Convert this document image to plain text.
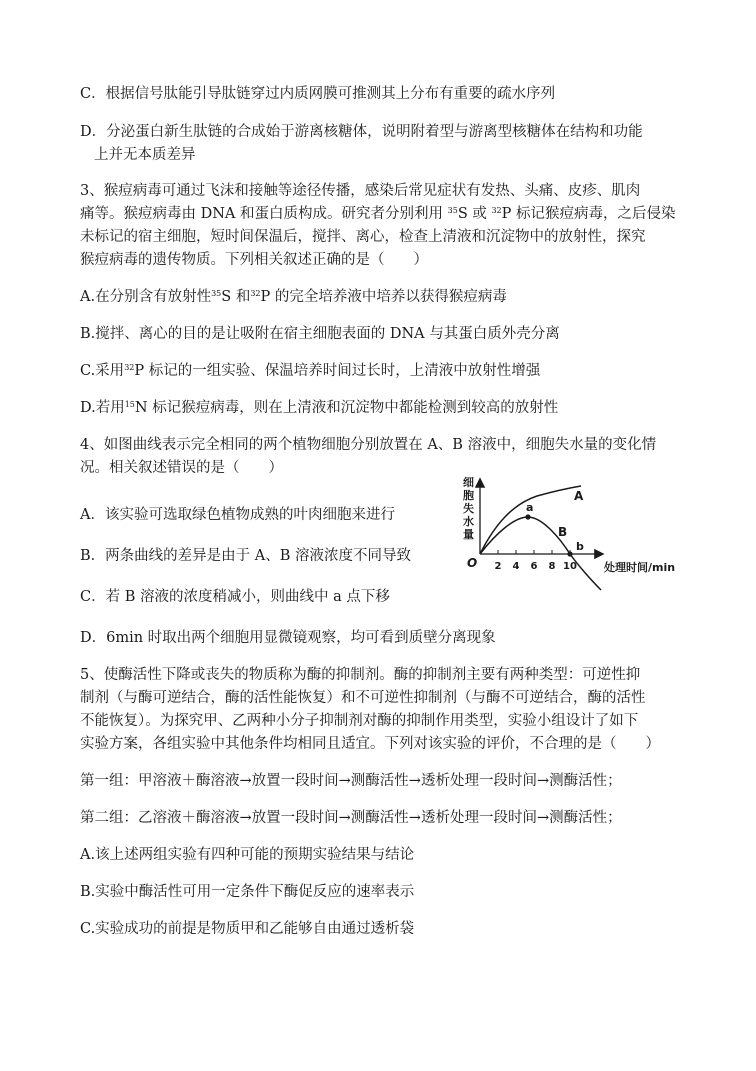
C．根据信号肽能引导肽链穿过内质网膜可推测其上分布有重要的疏水序列
D．分泌蛋白新生肽链的合成始于游离核糖体，说明附着型与游离型核糖体在结构和功能
上并无本质差异
3、猴痘病毒可通过飞沫和接触等途径传播，感染后常见症状有发热、头痛、皮疹、肌肉
痛等。猴痘病毒由 DNA 和蛋白质构成。研究者分别利用 $^{35}$S 或 $^{32}$P 标记猴痘病毒，之后侵染
未标记的宿主细胞，短时间保温后，搅拌、离心，检查上清液和沉淀物中的放射性，探究
猴痘病毒的遗传物质。下列相关叙述正确的是（　　）
A.在分别含有放射性$^{35}$S 和$^{32}$P 的完全培养液中培养以获得猴痘病毒
B.搅拌、离心的目的是让吸附在宿主细胞表面的 DNA 与其蛋白质外壳分离
C.采用$^{32}$P 标记的一组实验、保温培养时间过长时，上清液中放射性增强
D.若用$^{15}$N 标记猴痘病毒，则在上清液和沉淀物中都能检测到较高的放射性
4、如图曲线表示完全相同的两个植物细胞分别放置在 A、B 溶液中，细胞失水量的变化情
况。相关叙述错误的是（　　）
A．该实验可选取绿色植物成熟的叶肉细胞来进行
B．两条曲线的差异是由于 A、B 溶液浓度不同导致
C．若 B 溶液的浓度稍减小，则曲线中 a 点下移
D．6min 时取出两个细胞用显微镜观察，均可看到质壁分离现象
细
胞
失
水
量
O 2 4 6 8 10 处理时间/min
A
B
a
b
5、使酶活性下降或丧失的物质称为酶的抑制剂。酶的抑制剂主要有两种类型：可逆性抑
制剂（与酶可逆结合，酶的活性能恢复）和不可逆性抑制剂（与酶不可逆结合，酶的活性
不能恢复）。为探究甲、乙两种小分子抑制剂对酶的抑制作用类型，实验小组设计了如下
实验方案，各组实验中其他条件均相同且适宜。下列对该实验的评价，不合理的是（　　）
第一组：甲溶液＋酶溶液→放置一段时间→测酶活性→透析处理一段时间→测酶活性；
第二组：乙溶液＋酶溶液→放置一段时间→测酶活性→透析处理一段时间→测酶活性；
A.该上述两组实验有四种可能的预期实验结果与结论
B.实验中酶活性可用一定条件下酶促反应的速率表示
C.实验成功的前提是物质甲和乙能够自由通过透析袋
